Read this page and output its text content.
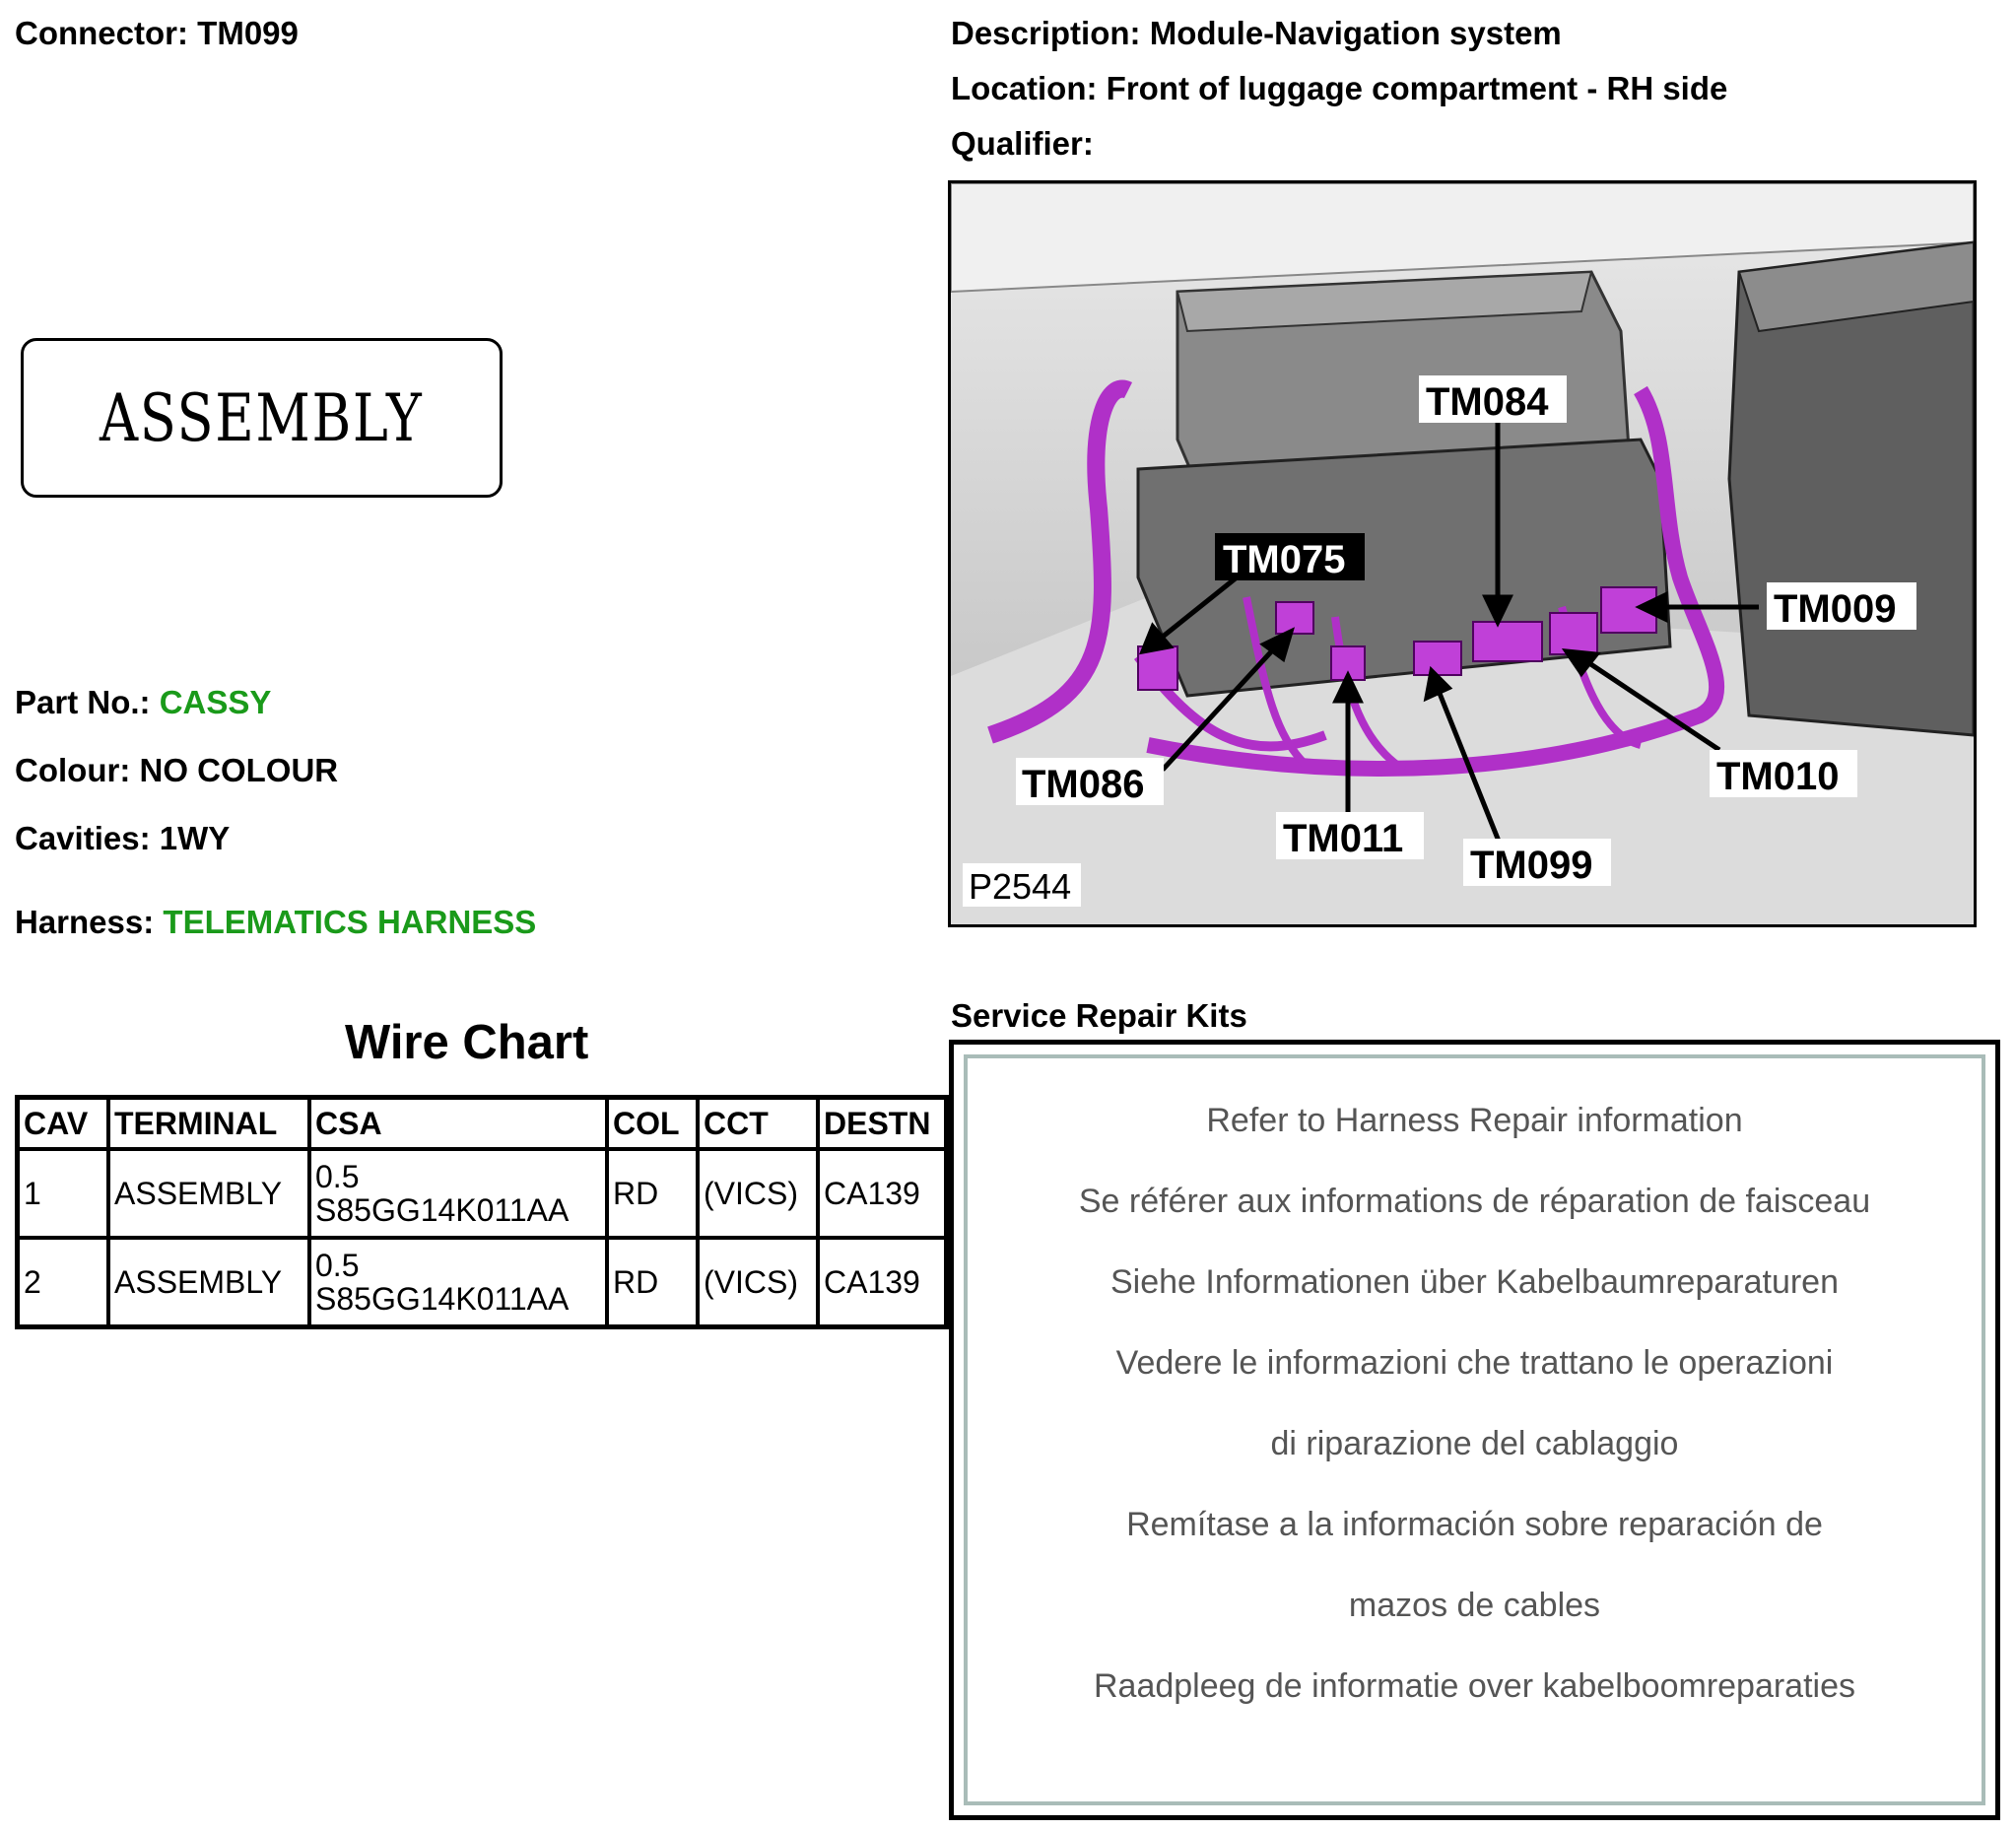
Connector: TM099	Description: Module-Navigation system
Location: Front of luggage compartment - RH side
Qualifier:
ASSEMBLY
Part No.: CASSY
Colour: NO COLOUR
Cavities: 1WY
Harness: TELEMATICS HARNESS
Wire Chart
CAV	TERMINAL	CSA	COL	CCT	DESTN
1	ASSEMBLY	0.5
S85GG14K011AA	RD	(VICS)	CA139
2	ASSEMBLY	0.5
S85GG14K011AA	RD	(VICS)	CA139
TM084
TM075
TM009
TM086	TM010
TM011
TM099
P2544
Service Repair Kits
Refer to Harness Repair information
Se référer aux informations de réparation de faisceau
Siehe Informationen über Kabelbaumreparaturen
Vedere le informazioni che trattano le operazioni
di riparazione del cablaggio
Remítase a la información sobre reparación de
mazos de cables
Raadpleeg de informatie over kabelboomreparaties
